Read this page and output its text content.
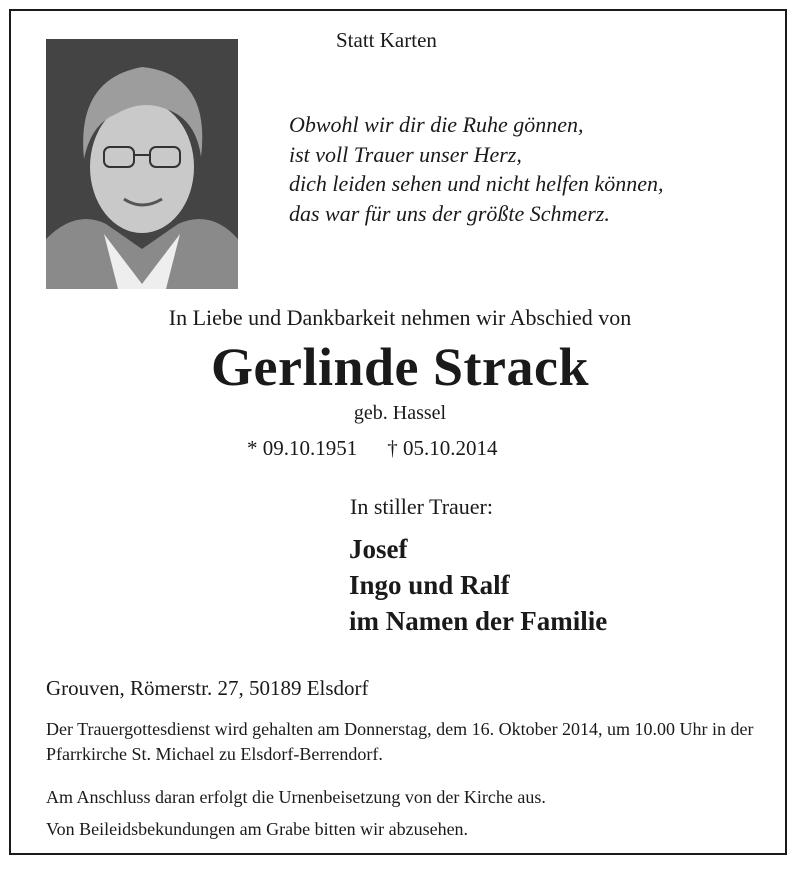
Statt Karten
Obwohl wir dir die Ruhe gönnen,
ist voll Trauer unser Herz,
dich leiden sehen und nicht helfen können,
das war für uns der größte Schmerz.
In Liebe und Dankbarkeit nehmen wir Abschied von
Gerlinde Strack
geb. Hassel
* 09.10.1951 † 05.10.2014
In stiller Trauer:
Josef
Ingo und Ralf
im Namen der Familie
Grouven, Römerstr. 27, 50189 Elsdorf
Der Trauergottesdienst wird gehalten am Donnerstag, dem 16. Oktober 2014, um 10.00 Uhr in der Pfarrkirche St. Michael zu Elsdorf-Berrendorf.
Am Anschluss daran erfolgt die Urnenbeisetzung von der Kirche aus.
Von Beileidsbekundungen am Grabe bitten wir abzusehen.
